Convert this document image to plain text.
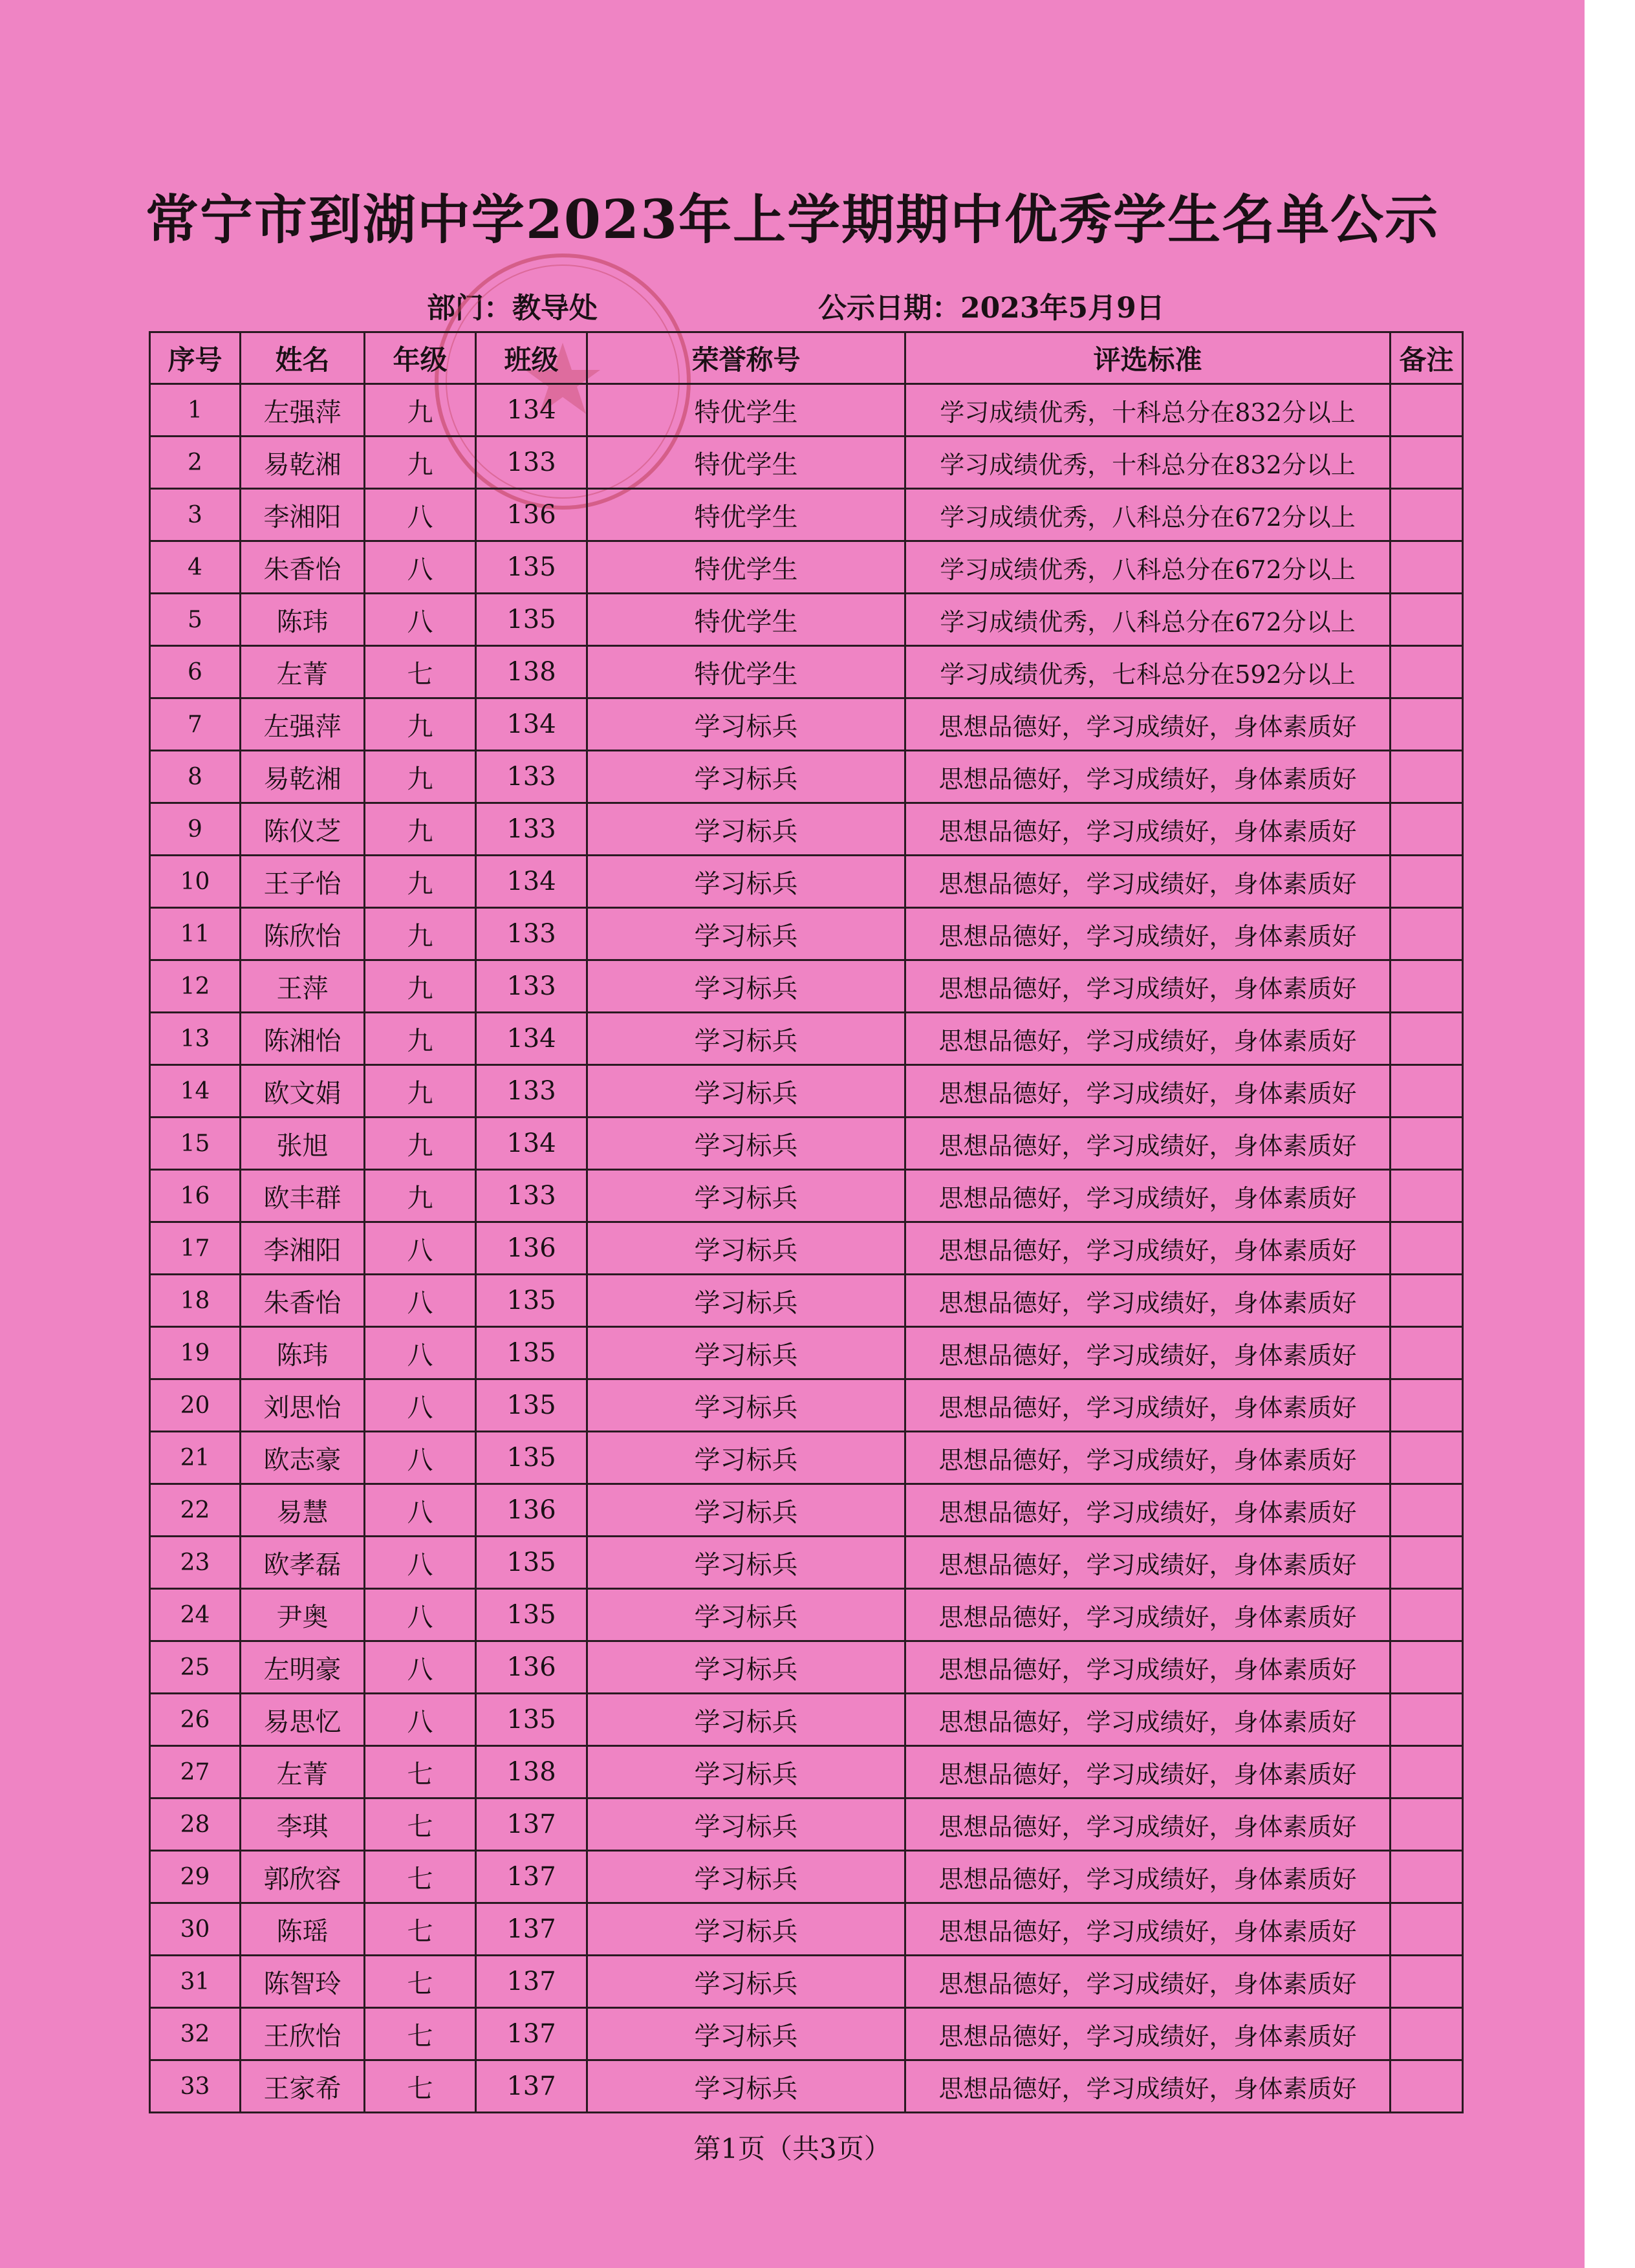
常宁市到湖中学2023年上学期期中优秀学生名单公示
部门：教导处	公示日期：2023年5月9日
序号	姓名	年级	班级	荣誉称号	评选标准	备注
1	左强萍	九	134	特优学生	学习成绩优秀，十科总分在832分以上	
2	易乾湘	九	133	特优学生	学习成绩优秀，十科总分在832分以上	
3	李湘阳	八	136	特优学生	学习成绩优秀，八科总分在672分以上	
4	朱香怡	八	135	特优学生	学习成绩优秀，八科总分在672分以上	
5	陈玮	八	135	特优学生	学习成绩优秀，八科总分在672分以上	
6	左菁	七	138	特优学生	学习成绩优秀，七科总分在592分以上	
7	左强萍	九	134	学习标兵	思想品德好，学习成绩好，身体素质好	
8	易乾湘	九	133	学习标兵	思想品德好，学习成绩好，身体素质好	
9	陈仪芝	九	133	学习标兵	思想品德好，学习成绩好，身体素质好	
10	王子怡	九	134	学习标兵	思想品德好，学习成绩好，身体素质好	
11	陈欣怡	九	133	学习标兵	思想品德好，学习成绩好，身体素质好	
12	王萍	九	133	学习标兵	思想品德好，学习成绩好，身体素质好	
13	陈湘怡	九	134	学习标兵	思想品德好，学习成绩好，身体素质好	
14	欧文娟	九	133	学习标兵	思想品德好，学习成绩好，身体素质好	
15	张旭	九	134	学习标兵	思想品德好，学习成绩好，身体素质好	
16	欧丰群	九	133	学习标兵	思想品德好，学习成绩好，身体素质好	
17	李湘阳	八	136	学习标兵	思想品德好，学习成绩好，身体素质好	
18	朱香怡	八	135	学习标兵	思想品德好，学习成绩好，身体素质好	
19	陈玮	八	135	学习标兵	思想品德好，学习成绩好，身体素质好	
20	刘思怡	八	135	学习标兵	思想品德好，学习成绩好，身体素质好	
21	欧志豪	八	135	学习标兵	思想品德好，学习成绩好，身体素质好	
22	易慧	八	136	学习标兵	思想品德好，学习成绩好，身体素质好	
23	欧孝磊	八	135	学习标兵	思想品德好，学习成绩好，身体素质好	
24	尹奥	八	135	学习标兵	思想品德好，学习成绩好，身体素质好	
25	左明豪	八	136	学习标兵	思想品德好，学习成绩好，身体素质好	
26	易思忆	八	135	学习标兵	思想品德好，学习成绩好，身体素质好	
27	左菁	七	138	学习标兵	思想品德好，学习成绩好，身体素质好	
28	李琪	七	137	学习标兵	思想品德好，学习成绩好，身体素质好	
29	郭欣容	七	137	学习标兵	思想品德好，学习成绩好，身体素质好	
30	陈瑶	七	137	学习标兵	思想品德好，学习成绩好，身体素质好	
31	陈智玲	七	137	学习标兵	思想品德好，学习成绩好，身体素质好	
32	王欣怡	七	137	学习标兵	思想品德好，学习成绩好，身体素质好	
33	王家希	七	137	学习标兵	思想品德好，学习成绩好，身体素质好	
第1页（共3页）
